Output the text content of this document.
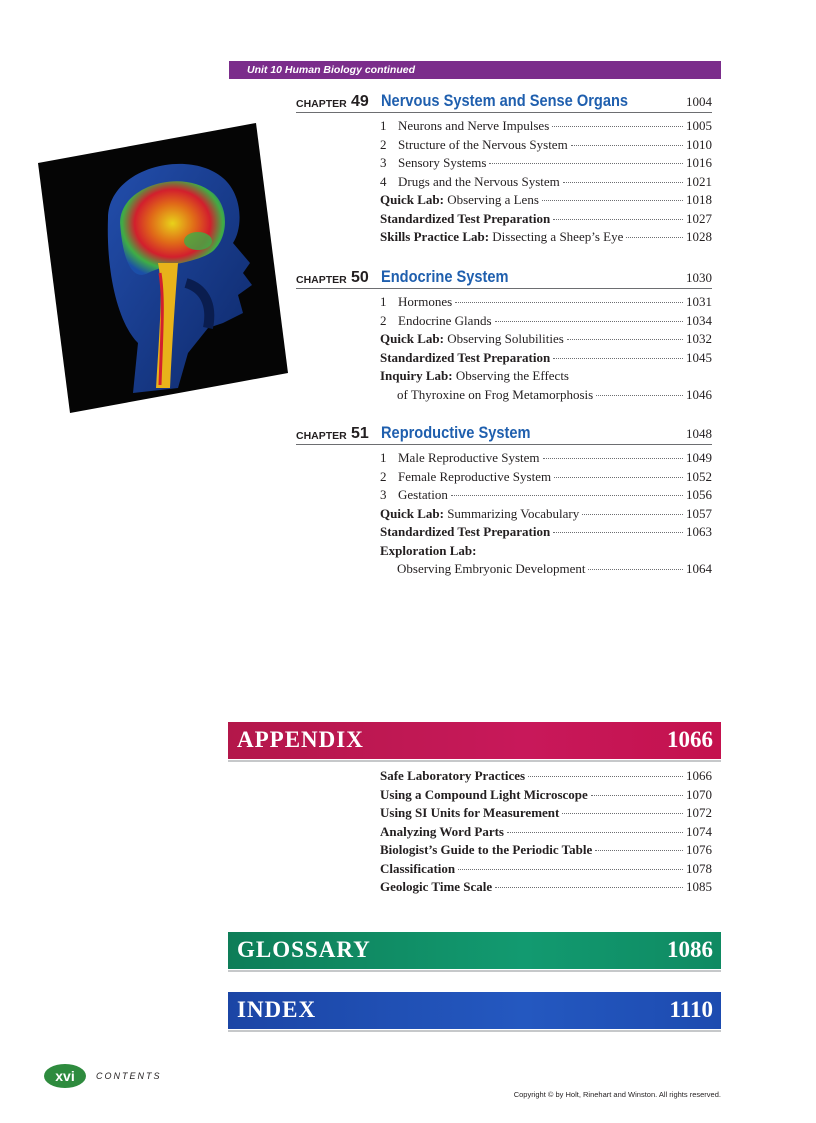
Unit 10 Human Biology continued
CHAPTER 49 Nervous System and Sense Organs	1004
1 Neurons and Nerve Impulses	1005
2 Structure of the Nervous System	1010
3 Sensory Systems	1016
4 Drugs and the Nervous System	1021
Quick Lab: Observing a Lens	1018
Standardized Test Preparation	1027
Skills Practice Lab: Dissecting a Sheep’s Eye	1028
CHAPTER 50 Endocrine System	1030
1 Hormones	1031
2 Endocrine Glands	1034
Quick Lab: Observing Solubilities	1032
Standardized Test Preparation	1045
Inquiry Lab: Observing the Effects
of Thyroxine on Frog Metamorphosis	1046
CHAPTER 51 Reproductive System	1048
1 Male Reproductive System	1049
2 Female Reproductive System	1052
3 Gestation	1056
Quick Lab: Summarizing Vocabulary	1057
Standardized Test Preparation	1063
Exploration Lab:
Observing Embryonic Development	1064
APPENDIX	1066
Safe Laboratory Practices	1066
Using a Compound Light Microscope	1070
Using SI Units for Measurement	1072
Analyzing Word Parts	1074
Biologist’s Guide to the Periodic Table	1076
Classification	1078
Geologic Time Scale	1085
GLOSSARY	1086
INDEX	1110
xvi	CONTENTS
Copyright © by Holt, Rinehart and Winston. All rights reserved.
